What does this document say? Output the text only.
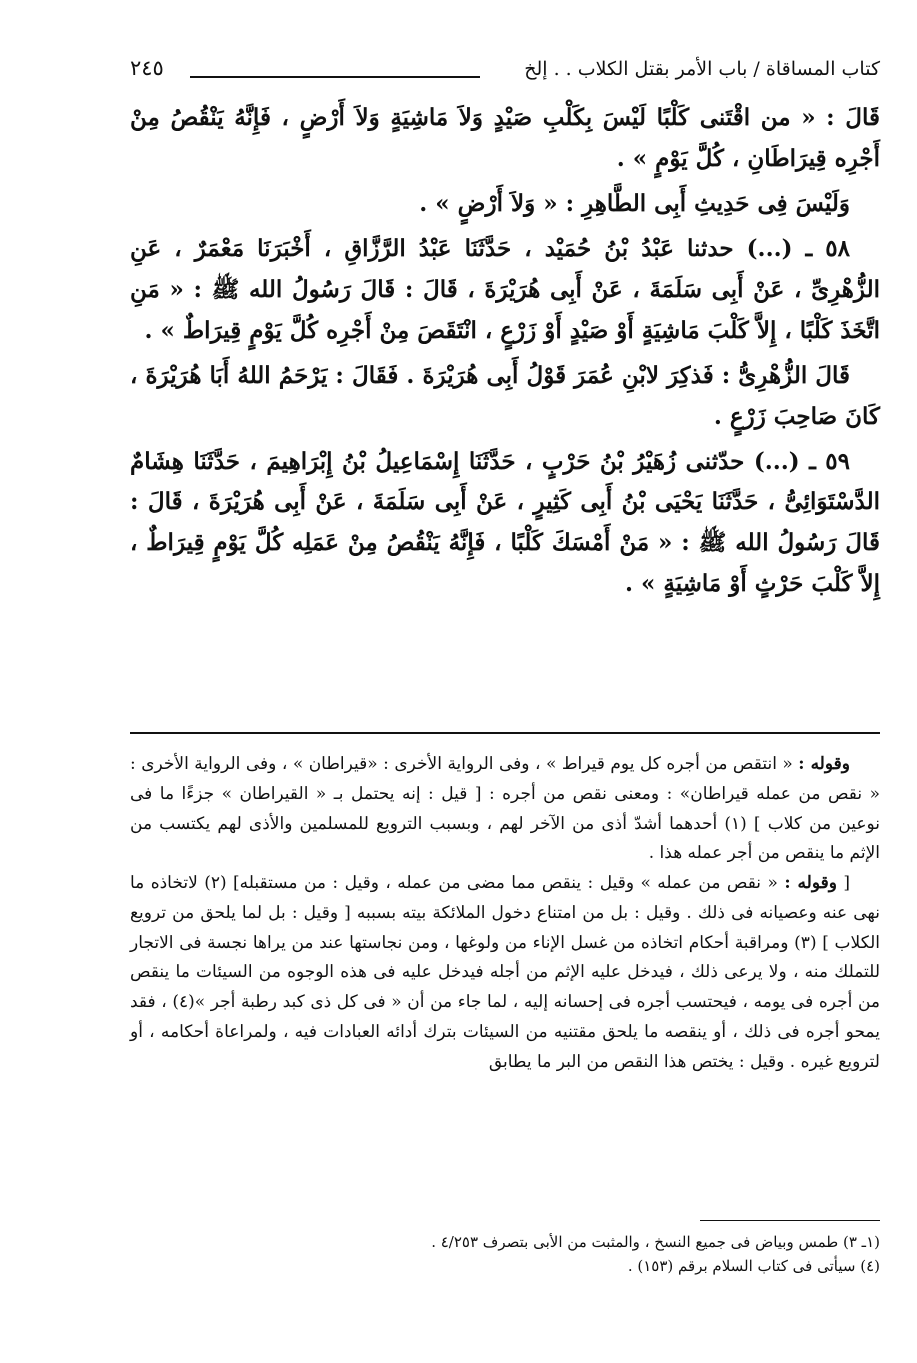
كتاب المساقاة / باب الأمر بقتل الكلاب . . إلخ
٢٤٥

قَالَ : « من اقْتَنى كَلْبًا لَيْسَ بِكَلْبِ صَيْدٍ وَلاَ مَاشِيَةٍ وَلاَ أَرْضٍ ، فَإِنَّهُ يَنْقُصُ مِنْ أَجْرِه قِيرَاطَانِ ، كُلَّ يَوْمٍ » .

وَلَيْسَ فِى حَدِيثِ أَبِى الطَّاهِرِ : « وَلاَ أَرْضٍ » .

٥٨ ـ (...) حدثنا عَبْدُ بْنُ حُمَيْد ، حَدَّثَنَا عَبْدُ الرَّزَّاقِ ، أَخْبَرَنَا مَعْمَرٌ ، عَنِ الزُّهْرِىِّ ، عَنْ أَبِى سَلَمَةَ ، عَنْ أَبِى هُرَيْرَةَ ، قَالَ : قَالَ رَسُولُ الله ﷺ : « مَنِ اتَّخَذَ كَلْبًا ، إِلاَّ كَلْبَ مَاشِيَةٍ أَوْ صَيْدٍ أَوْ زَرْعٍ ، انْتَقَصَ مِنْ أَجْرِه كُلَّ يَوْمٍ قِيرَاطٌ » .

قَالَ الزُّهْرِىُّ : فَذكِرَ لابْنِ عُمَرَ قَوْلُ أَبِى هُرَيْرَةَ . فَقَالَ : يَرْحَمُ اللهُ أَبَا هُرَيْرَةَ ، كَانَ صَاحِبَ زَرْعٍ .

٥٩ ـ (...) حدّثنى زُهَيْرُ بْنُ حَرْبٍ ، حَدَّثَنَا إِسْمَاعِيلُ بْنُ إِبْرَاهِيمَ ، حَدَّثَنَا هِشَامٌ الدَّسْتَوَائِىُّ ، حَدَّثَنَا يَحْيَى بْنُ أَبِى كَثِيرٍ ، عَنْ أَبِى سَلَمَةَ ، عَنْ أَبِى هُرَيْرَةَ ، قَالَ : قَالَ رَسُولُ الله ﷺ : « مَنْ أَمْسَكَ كَلْبًا ، فَإِنَّهُ يَنْقُصُ مِنْ عَمَلِه كُلَّ يَوْمٍ قِيرَاطٌ ، إِلاَّ كَلْبَ حَرْثٍ أَوْ مَاشِيَةٍ » .

وقوله : « انتقص من أجره كل يوم قيراط » ، وفى الرواية الأخرى : «قيراطان » ، وفى الرواية الأخرى : « نقص من عمله قيراطان» : ومعنى نقص من أجره : [ قيل : إنه يحتمل بـ « القيراطان » جزءًا ما فى نوعين من كلاب ] (١) أحدهما أشدّ أذى من الآخر لهم ، وبسبب الترويع للمسلمين والأذى لهم يكتسب من الإثم ما ينقص من أجر عمله هذا .

[ وقوله : « نقص من عمله » وقيل : ينقص مما مضى من عمله ، وقيل : من مستقبله] (٢) لاتخاذه ما نهى عنه وعصيانه فى ذلك . وقيل : بل من امتناع دخول الملائكة بيته بسببه [ وقيل : بل لما يلحق من ترويع الكلاب ] (٣) ومراقبة أحكام اتخاذه من غسل الإناء من ولوغها ، ومن نجاستها عند من يراها نجسة فى الاتجار للتملك منه ، ولا يرعى ذلك ، فيدخل عليه الإثم من أجله فيدخل عليه فى هذه الوجوه من السيئات ما ينقص من أجره فى يومه ، فيحتسب أجره فى إحسانه إليه ، لما جاء من أن « فى كل ذى كبد رطبة أجر »(٤) ، فقد يمحو أجره فى ذلك ، أو ينقصه ما يلحق مقتنيه من السيئات بترك أدائه العبادات فيه ، ولمراعاة أحكامه ، أو لترويع غيره . وقيل : يختص هذا النقص من البر ما يطابق

(١ـ ٣) طمس وبياض فى جميع النسخ ، والمثبت من الأبى بتصرف ٤/٢٥٣ .
(٤) سيأتى فى كتاب السلام برقم (١٥٣) .
